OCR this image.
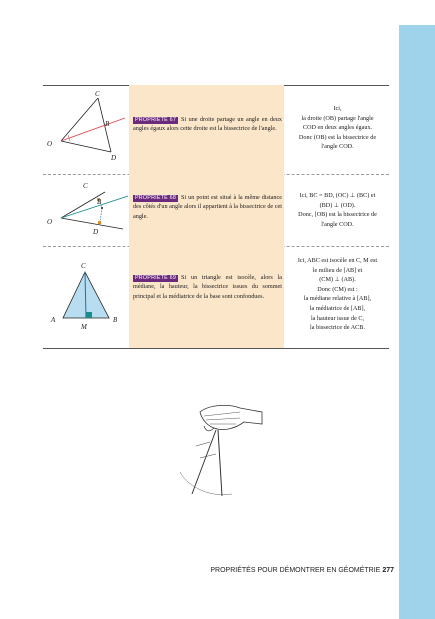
O
C
B
D
PROPRIÉTÉ 67 Si une droite partage un angle en deux angles égaux alors cette droite est la bissectrice de l'angle.
Ici,
la droite (OB) partage l'angle
COD en deux angles égaux.
Donc (OB) est la bissectrice de
l'angle COD.
O
C
B
D
PROPRIÉTÉ 68 Si un point est situé à la même distance des côtés d'un angle alors il appartient à la bissectrice de cet angle.
Ici, BC = BD, (OC) ⊥ (BC) et
(BD) ⊥ (OD).
Donc, [OB) est la bissectrice de
l'angle COD.
C
A	B
M
PROPRIÉTÉ 69 Si un triangle est isocèle, alors la médiane, la hauteur, la bissectrice issues du sommet principal et la médiatrice de la base sont confondues.
Ici, ABC est isocèle en C, M est
le milieu de [AB] et
(CM) ⊥ (AB).
Donc (CM) est :
la médiane relative à [AB],
la médiatrice de [AB],
la hauteur issue de C,
la bissectrice de ACB.
PROPRIÉTÉS POUR DÉMONTRER EN GÉOMÉTRIE 277
